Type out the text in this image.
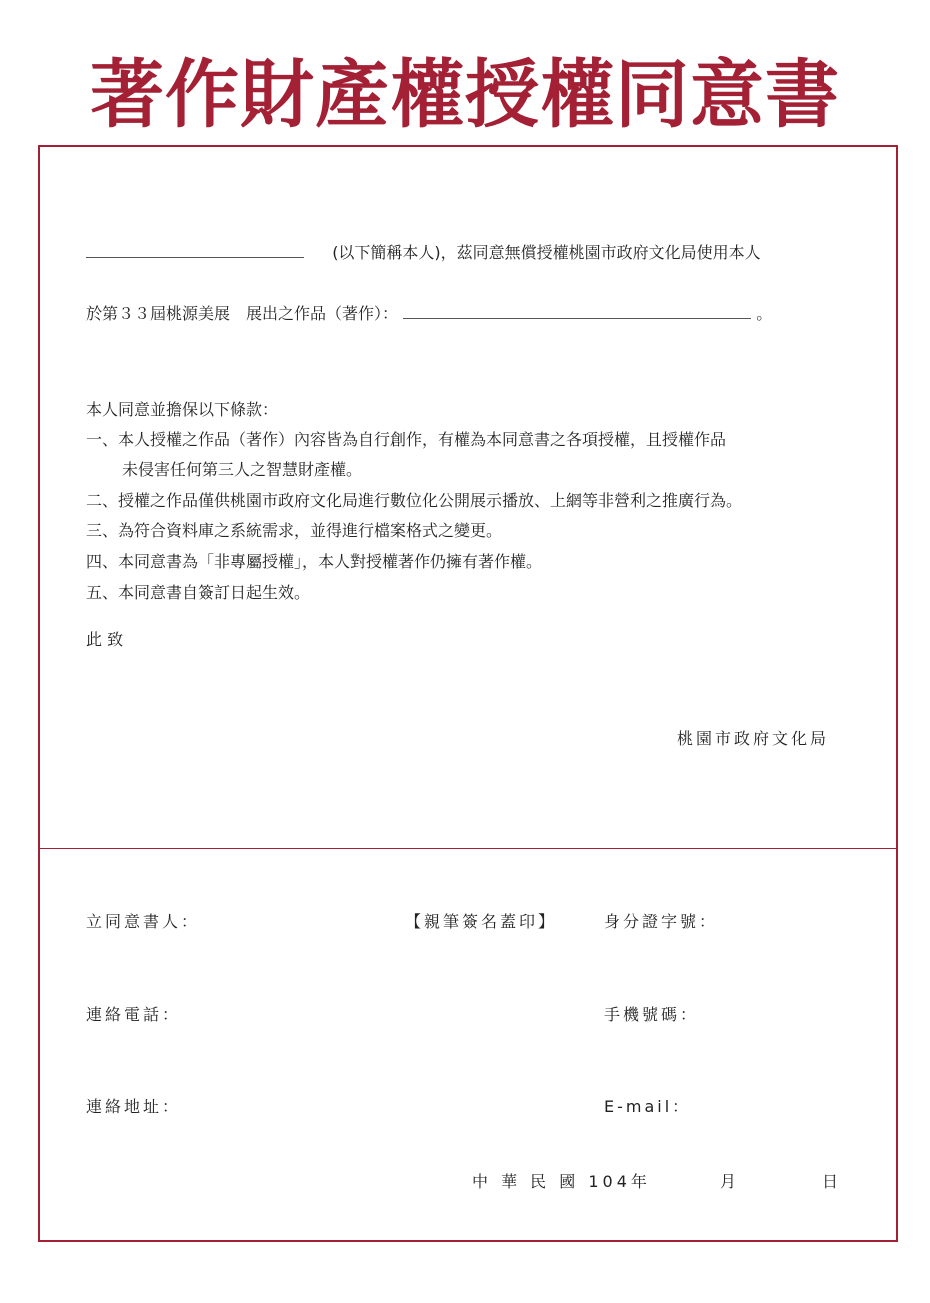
著作財產權授權同意書
(以下簡稱本人)，茲同意無償授權桃園市政府文化局使用本人
於第３３屆桃源美展　展出之作品（著作）：	。
本人同意並擔保以下條款：
一、本人授權之作品（著作）內容皆為自行創作，有權為本同意書之各項授權，且授權作品
未侵害任何第三人之智慧財產權。
二、授權之作品僅供桃園市政府文化局進行數位化公開展示播放、上網等非營利之推廣行為。
三、為符合資料庫之系統需求，並得進行檔案格式之變更。
四、本同意書為「非專屬授權」，本人對授權著作仍擁有著作權。
五、本同意書自簽訂日起生效。
此 致
桃園市政府文化局
立同意書人：	【親筆簽名蓋印】	身分證字號：
連絡電話：	手機號碼：
連絡地址：	E-mail：
中 華 民 國 104年	月	日
